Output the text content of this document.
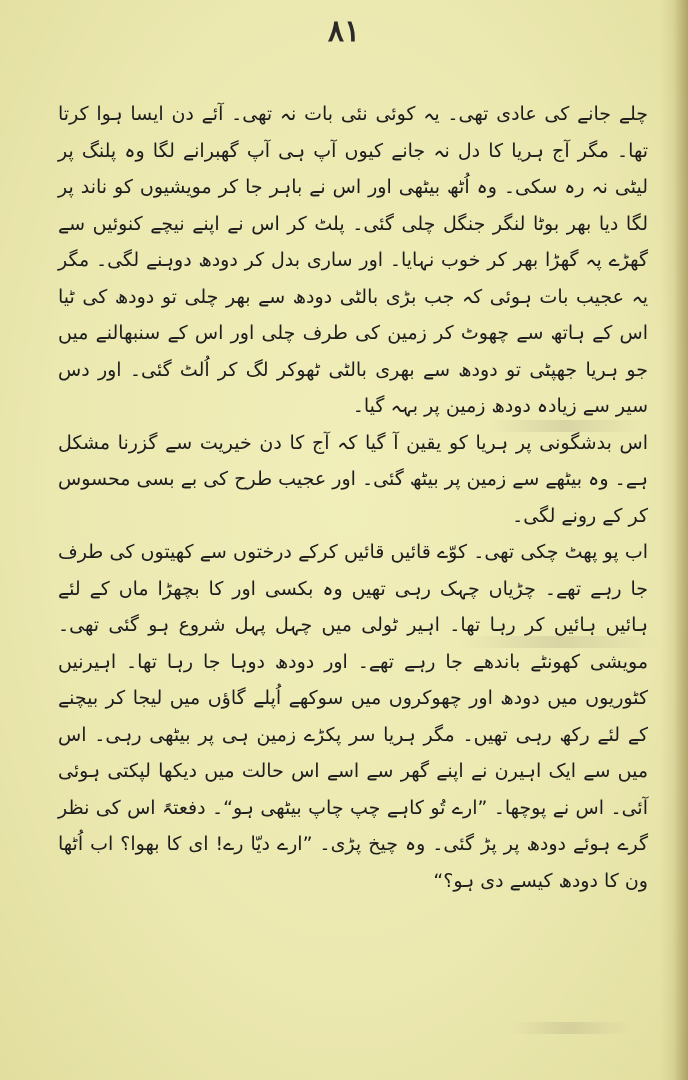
۸۱

چلے جانے کی عادی تھی۔ یہ کوئی نئی بات نہ تھی۔ آئے دن ایسا ہوا کرتا تھا۔ مگر آج ہریا کا دل نہ جانے کیوں آپ ہی آپ گھبرانے لگا وہ پلنگ پر لیٹی نہ رہ سکی۔ وہ اُٹھ بیٹھی اور اس نے باہر جا کر مویشیوں کو ناند پر لگا دیا بھر بوٹا لنگر جنگل چلی گئی۔ پلٹ کر اس نے اپنے نیچے کنوئیں سے گھڑے پہ گھڑا بھر کر خوب نہایا۔ اور ساری بدل کر دودھ دوہنے لگی۔ مگر یہ عجیب بات ہوئی کہ جب بڑی بالٹی دودھ سے بھر چلی تو دودھ کی ٹیا اس کے ہاتھ سے چھوٹ کر زمین کی طرف چلی اور اس کے سنبھالنے میں جو ہریا جھپٹی تو دودھ سے بھری بالٹی ٹھوکر لگ کر اُلٹ گئی۔ اور دس سیر سے زیادہ دودھ زمین پر بہہ گیا۔

اس بدشگونی پر ہریا کو یقین آ گیا کہ آج کا دن خیریت سے گزرنا مشکل ہے۔ وہ بیٹھے سے زمین پر بیٹھ گئی۔ اور عجیب طرح کی بے بسی محسوس کر کے رونے لگی۔

اب پو پھٹ چکی تھی۔ کوّے قائیں قائیں کرکے درختوں سے کھیتوں کی طرف جا رہے تھے۔ چڑیاں چہک رہی تھیں وہ بکسی اور کا بچھڑا ماں کے لئے ہائیں ہائیں کر رہا تھا۔ اہیر ٹولی میں چہل پہل شروع ہو گئی تھی۔ مویشی کھونٹے باندھے جا رہے تھے۔ اور دودھ دوہا جا رہا تھا۔ اہیرنیں کٹوریوں میں دودھ اور چھوکروں میں سوکھے اُپلے گاؤں میں لیجا کر بیچنے کے لئے رکھ رہی تھیں۔ مگر ہریا سر پکڑے زمین ہی پر بیٹھی رہی۔ اس میں سے ایک اہیرن نے اپنے گھر سے اسے اس حالت میں دیکھا لپکتی ہوئی آئی۔ اس نے پوچھا۔ ”ارے تُو کاہے چپ چاپ بیٹھی ہو“۔ دفعتہً اس کی نظر گرے ہوئے دودھ پر پڑ گئی۔ وہ چیخ پڑی۔ ”ارے دیّا رے! ای کا بھوا؟ اب اُٹھا ون کا دودھ کیسے دی ہو؟“
